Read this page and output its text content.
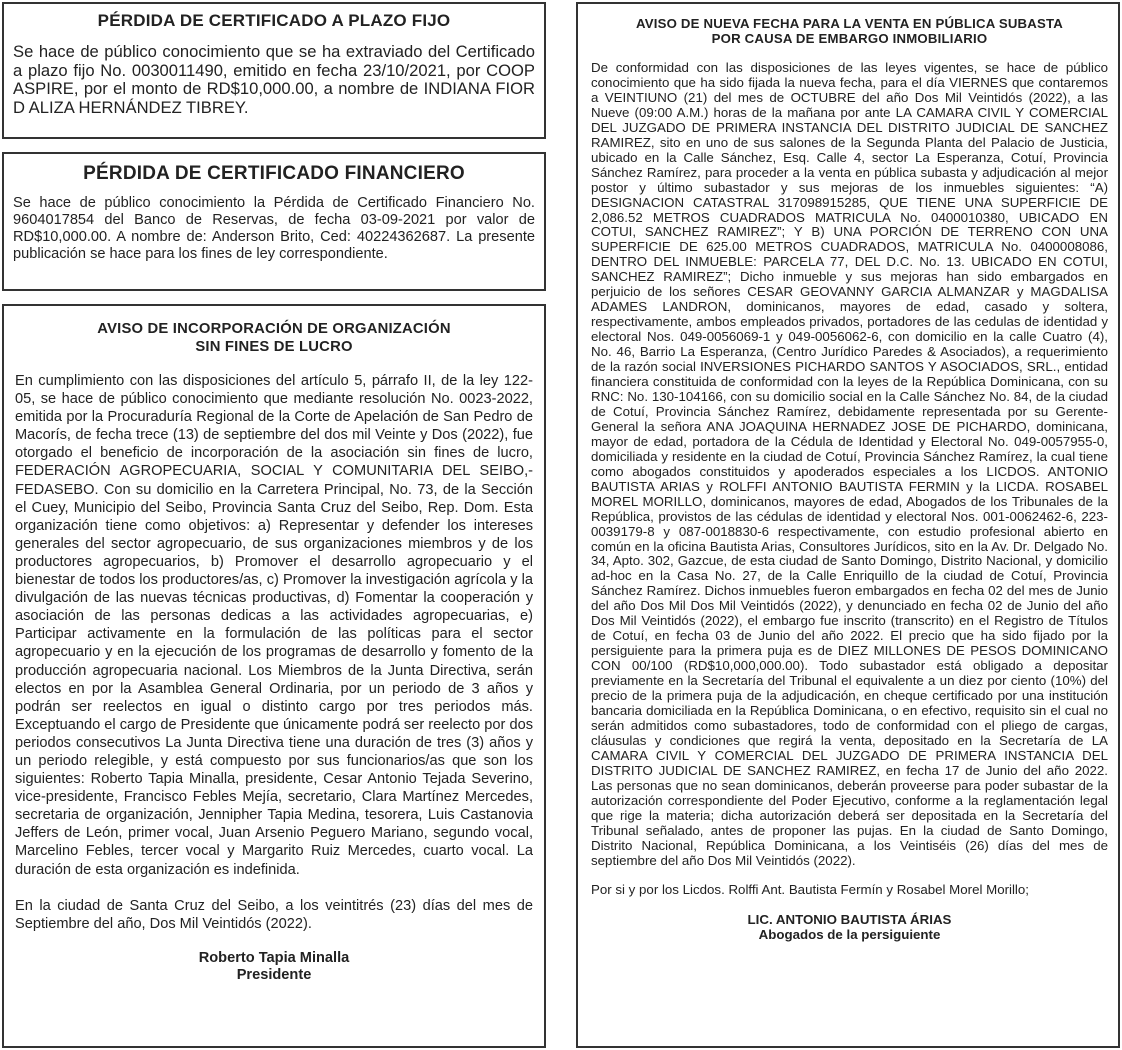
PÉRDIDA DE CERTIFICADO A PLAZO FIJO

Se hace de público conocimiento que se ha extraviado del Certificado a plazo fijo No. 0030011490, emitido en fecha 23/10/2021, por COOP ASPIRE, por el monto de RD$10,000.00, a nombre de INDIANA FIOR D ALIZA HERNÁNDEZ TIBREY.

PÉRDIDA DE CERTIFICADO FINANCIERO

Se hace de público conocimiento la Pérdida de Certificado Financiero No. 9604017854 del Banco de Reservas, de fecha 03-09-2021 por valor de RD$10,000.00. A nombre de: Anderson Brito, Ced: 40224362687. La presente publicación se hace para los fines de ley correspondiente.

AVISO DE INCORPORACIÓN DE ORGANIZACIÓN
SIN FINES DE LUCRO

En cumplimiento con las disposiciones del artículo 5, párrafo II, de la ley 122-05, se hace de público conocimiento que mediante resolución No. 0023-2022, emitida por la Procuraduría Regional de la Corte de Apelación de San Pedro de Macorís, de fecha trece (13) de septiembre del dos mil Veinte y Dos (2022), fue otorgado el beneficio de incorporación de la asociación sin fines de lucro, FEDERACIÓN AGROPECUARIA, SOCIAL Y COMUNITARIA DEL SEIBO,- FEDASEBO. Con su domicilio en la Carretera Principal, No. 73, de la Sección el Cuey, Municipio del Seibo, Provincia Santa Cruz del Seibo, Rep. Dom. Esta organización tiene como objetivos: a) Representar y defender los intereses generales del sector agropecuario, de sus organizaciones miembros y de los productores agropecuarios, b) Promover el desarrollo agropecuario y el bienestar de todos los productores/as, c) Promover la investigación agrícola y la divulgación de las nuevas técnicas productivas, d) Fomentar la cooperación y asociación de las personas dedicas a las actividades agropecuarias, e) Participar activamente en la formulación de las políticas para el sector agropecuario y en la ejecución de los programas de desarrollo y fomento de la producción agropecuaria nacional. Los Miembros de la Junta Directiva, serán electos en por la Asamblea General Ordinaria, por un periodo de 3 años y podrán ser reelectos en igual o distinto cargo por tres periodos más. Exceptuando el cargo de Presidente que únicamente podrá ser reelecto por dos periodos consecutivos La Junta Directiva tiene una duración de tres (3) años y un periodo relegible, y está compuesto por sus funcionarios/as que son los siguientes: Roberto Tapia Minalla, presidente, Cesar Antonio Tejada Severino, vice-presidente, Francisco Febles Mejía, secretario, Clara Martínez Mercedes, secretaria de organización, Jennipher Tapia Medina, tesorera, Luis Castanovia Jeffers de León, primer vocal, Juan Arsenio Peguero Mariano, segundo vocal, Marcelino Febles, tercer vocal y Margarito Ruiz Mercedes, cuarto vocal. La duración de esta organización es indefinida.

En la ciudad de Santa Cruz del Seibo, a los veintitrés (23) días del mes de Septiembre del año, Dos Mil Veintidós (2022).

Roberto Tapia Minalla

Presidente

AVISO DE NUEVA FECHA PARA LA VENTA EN PÚBLICA SUBASTA
POR CAUSA DE EMBARGO INMOBILIARIO

De conformidad con las disposiciones de las leyes vigentes, se hace de público conocimiento que ha sido fijada la nueva fecha, para el día VIERNES que contaremos a VEINTIUNO (21) del mes de OCTUBRE del año Dos Mil Veintidós (2022), a las Nueve (09:00 A.M.) horas de la mañana por ante LA CAMARA CIVIL Y COMERCIAL DEL JUZGADO DE PRIMERA INSTANCIA DEL DISTRITO JUDICIAL DE SANCHEZ RAMIREZ, sito en uno de sus salones de la Segunda Planta del Palacio de Justicia, ubicado en la Calle Sánchez, Esq. Calle 4, sector La Esperanza, Cotuí, Provincia Sánchez Ramírez, para proceder a la venta en pública subasta y adjudicación al mejor postor y último subastador y sus mejoras de los inmuebles siguientes: “A) DESIGNACION CATASTRAL 317098915285, QUE TIENE UNA SUPERFICIE DE 2,086.52 METROS CUADRADOS MATRICULA No. 0400010380, UBICADO EN COTUI, SANCHEZ RAMIREZ”; Y B) UNA PORCIÓN DE TERRENO CON UNA SUPERFICIE DE 625.00 METROS CUADRADOS, MATRICULA No. 0400008086, DENTRO DEL INMUEBLE: PARCELA 77, DEL D.C. No. 13. UBICADO EN COTUI, SANCHEZ RAMIREZ”; Dicho inmueble y sus mejoras han sido embargados en perjuicio de los señores CESAR GEOVANNY GARCIA ALMANZAR y MAGDALISA ADAMES LANDRON, dominicanos, mayores de edad, casado y soltera, respectivamente, ambos empleados privados, portadores de las cedulas de identidad y electoral Nos. 049-0056069-1 y 049-0056062-6, con domicilio en la calle Cuatro (4), No. 46, Barrio La Esperanza, (Centro Jurídico Paredes & Asociados), a requerimiento de la razón social INVERSIONES PICHARDO SANTOS Y ASOCIADOS, SRL., entidad financiera constituida de conformidad con la leyes de la República Dominicana, con su RNC: No. 130-104166, con su domicilio social en la Calle Sánchez No. 84, de la ciudad de Cotuí, Provincia Sánchez Ramírez, debidamente representada por su Gerente-General la señora ANA JOAQUINA HERNADEZ JOSE DE PICHARDO, dominicana, mayor de edad, portadora de la Cédula de Identidad y Electoral No. 049-0057955-0, domiciliada y residente en la ciudad de Cotuí, Provincia Sánchez Ramírez, la cual tiene como abogados constituidos y apoderados especiales a los LICDOS. ANTONIO BAUTISTA ARIAS y ROLFFI ANTONIO BAUTISTA FERMIN y la LICDA. ROSABEL MOREL MORILLO, dominicanos, mayores de edad, Abogados de los Tribunales de la República, provistos de las cédulas de identidad y electoral Nos. 001-0062462-6, 223-0039179-8 y 087-0018830-6 respectivamente, con estudio profesional abierto en común en la oficina Bautista Arias, Consultores Jurídicos, sito en la Av. Dr. Delgado No. 34, Apto. 302, Gazcue, de esta ciudad de Santo Domingo, Distrito Nacional, y domicilio ad-hoc en la Casa No. 27, de la Calle Enriquillo de la ciudad de Cotuí, Provincia Sánchez Ramírez. Dichos inmuebles fueron embargados en fecha 02 del mes de Junio del año Dos Mil Dos Mil Veintidós (2022), y denunciado en fecha 02 de Junio del año Dos Mil Veintidós (2022), el embargo fue inscrito (transcrito) en el Registro de Títulos de Cotuí, en fecha 03 de Junio del año 2022. El precio que ha sido fijado por la persiguiente para la primera puja es de DIEZ MILLONES DE PESOS DOMINICANO CON 00/100 (RD$10,000,000.00). Todo subastador está obligado a depositar previamente en la Secretaría del Tribunal el equivalente a un diez por ciento (10%) del precio de la primera puja de la adjudicación, en cheque certificado por una institución bancaria domiciliada en la República Dominicana, o en efectivo, requisito sin el cual no serán admitidos como subastadores, todo de conformidad con el pliego de cargas, cláusulas y condiciones que regirá la venta, depositado en la Secretaría de LA CAMARA CIVIL Y COMERCIAL DEL JUZGADO DE PRIMERA INSTANCIA DEL DISTRITO JUDICIAL DE SANCHEZ RAMIREZ, en fecha 17 de Junio del año 2022. Las personas que no sean dominicanos, deberán proveerse para poder subastar de la autorización correspondiente del Poder Ejecutivo, conforme a la reglamentación legal que rige la materia; dicha autorización deberá ser depositada en la Secretaría del Tribunal señalado, antes de proponer las pujas. En la ciudad de Santo Domingo, Distrito Nacional, República Dominicana, a los Veintiséis (26) días del mes de septiembre del año Dos Mil Veintidós (2022).

Por si y por los Licdos. Rolffi Ant. Bautista Fermín y Rosabel Morel Morillo;

LIC. ANTONIO BAUTISTA ÁRIAS

Abogados de la persiguiente
